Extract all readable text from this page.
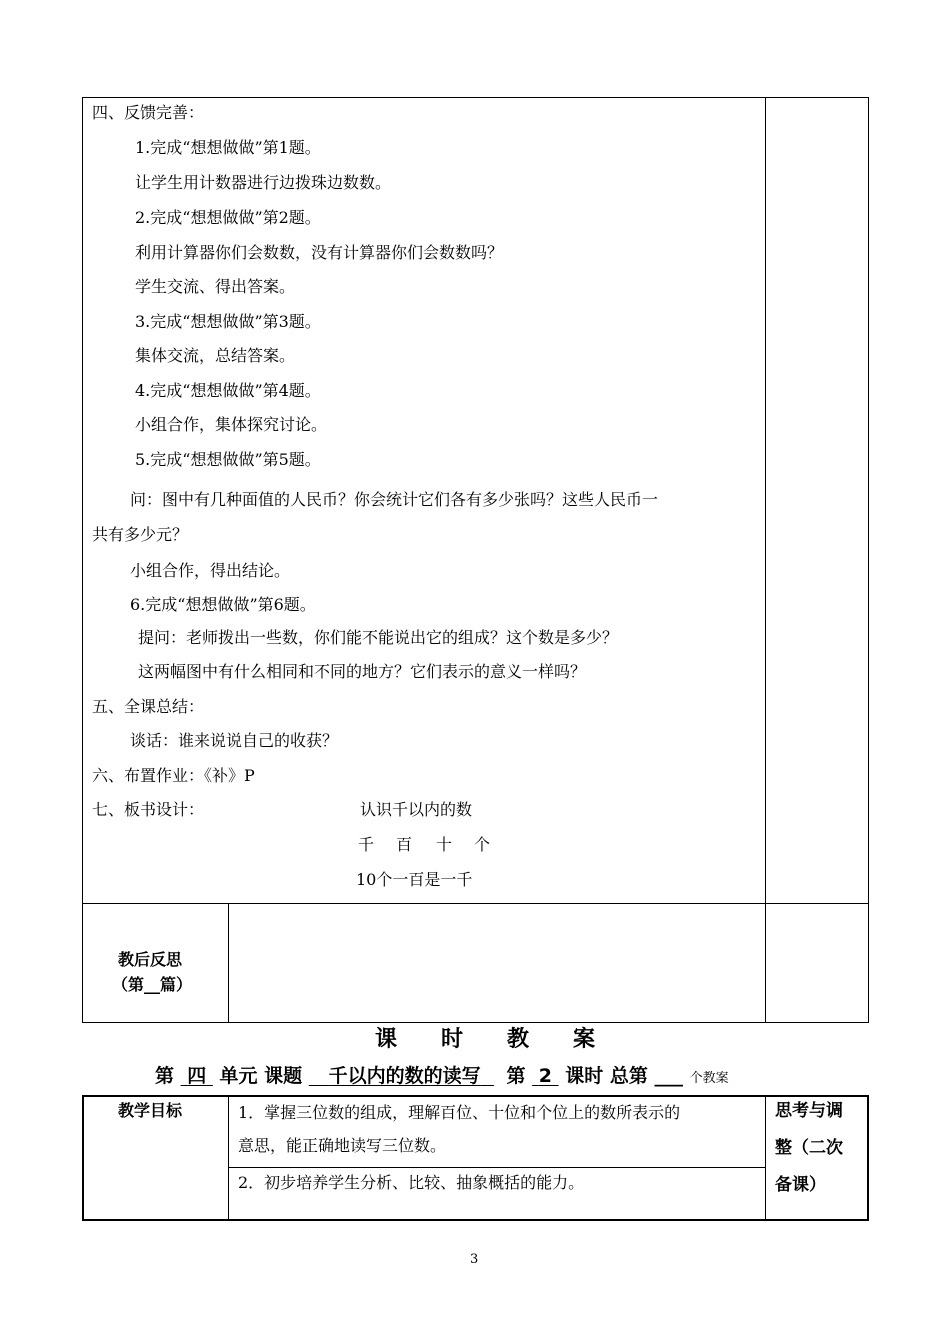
四、反馈完善：
1.完成“想想做做”第1题。
让学生用计数器进行边拨珠边数数。
2.完成“想想做做”第2题。
利用计算器你们会数数，没有计算器你们会数数吗？
学生交流、得出答案。
3.完成“想想做做”第3题。
集体交流，总结答案。
4.完成“想想做做”第4题。
小组合作，集体探究讨论。
5.完成“想想做做”第5题。
问：图中有几种面值的人民币？你会统计它们各有多少张吗？这些人民币一
共有多少元？
小组合作，得出结论。
6.完成“想想做做”第6题。
提问：老师拨出一些数，你们能不能说出它的组成？这个数是多少？
这两幅图中有什么相同和不同的地方？它们表示的意义一样吗？
五、全课总结：
谈话：谁来说说自己的收获？
六、布置作业：《补》P
七、板书设计：	认识千以内的数
千 百 十 个
10个一百是一千
教后反思
（第__篇）
课　　时　　教　　案
第 四 单元 课题 千以内的数的读写 第 2 课时 总第 ___ 个教案
教学目标	1．掌握三位数的组成，理解百位、十位和个位上的数所表示的
意思，能正确地读写三位数。
2．初步培养学生分析、比较、抽象概括的能力。
思考与调
整（二次
备课）
3
